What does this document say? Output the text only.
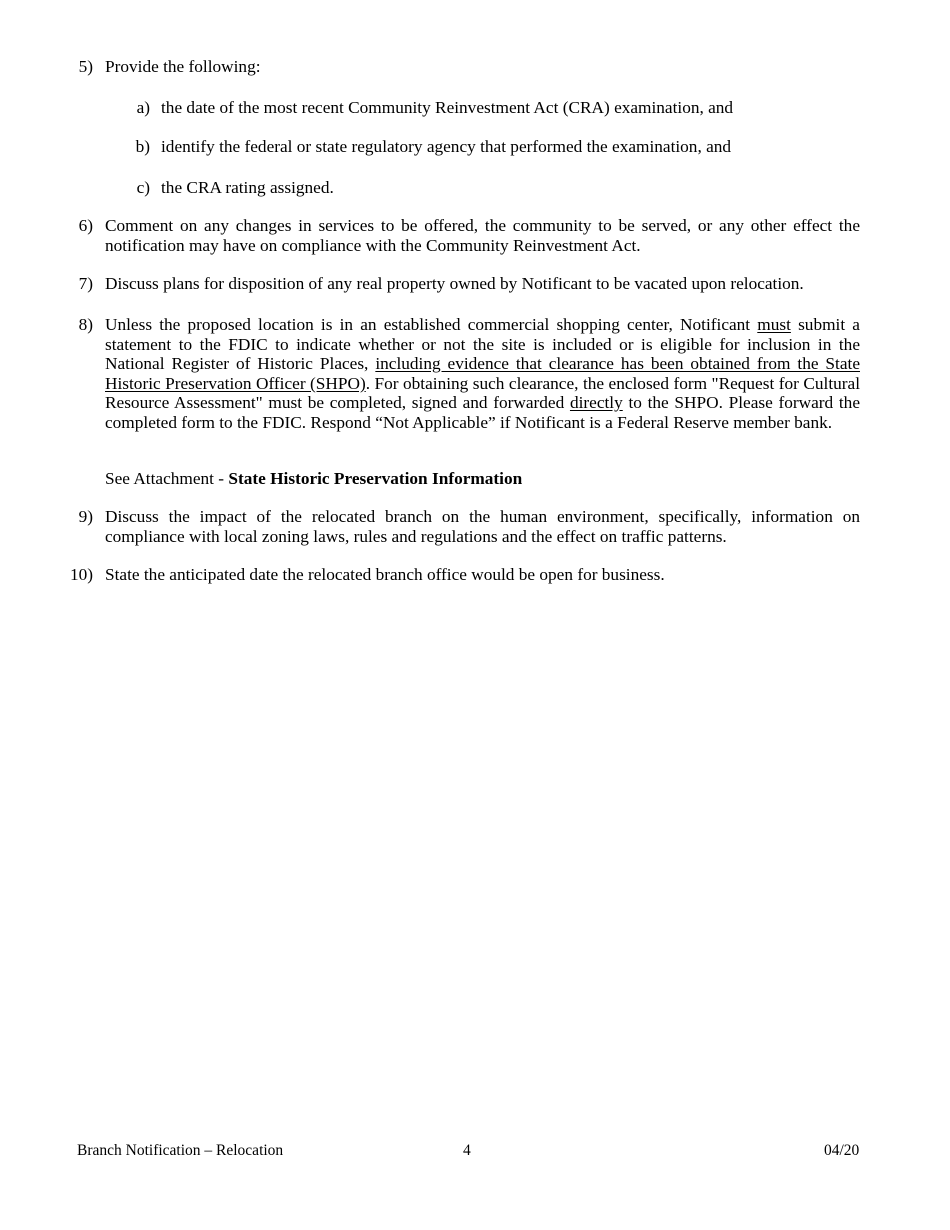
5) Provide the following:
a) the date of the most recent Community Reinvestment Act (CRA) examination, and
b) identify the federal or state regulatory agency that performed the examination, and
c) the CRA rating assigned.
6) Comment on any changes in services to be offered, the community to be served, or any other effect the notification may have on compliance with the Community Reinvestment Act.
7) Discuss plans for disposition of any real property owned by Notificant to be vacated upon relocation.
8) Unless the proposed location is in an established commercial shopping center, Notificant must submit a statement to the FDIC to indicate whether or not the site is included or is eligible for inclusion in the National Register of Historic Places, including evidence that clearance has been obtained from the State Historic Preservation Officer (SHPO). For obtaining such clearance, the enclosed form "Request for Cultural Resource Assessment" must be completed, signed and forwarded directly to the SHPO. Please forward the completed form to the FDIC. Respond “Not Applicable” if Notificant is a Federal Reserve member bank.
See Attachment - State Historic Preservation Information
9) Discuss the impact of the relocated branch on the human environment, specifically, information on compliance with local zoning laws, rules and regulations and the effect on traffic patterns.
10) State the anticipated date the relocated branch office would be open for business.
Branch Notification – Relocation	4	04/20
